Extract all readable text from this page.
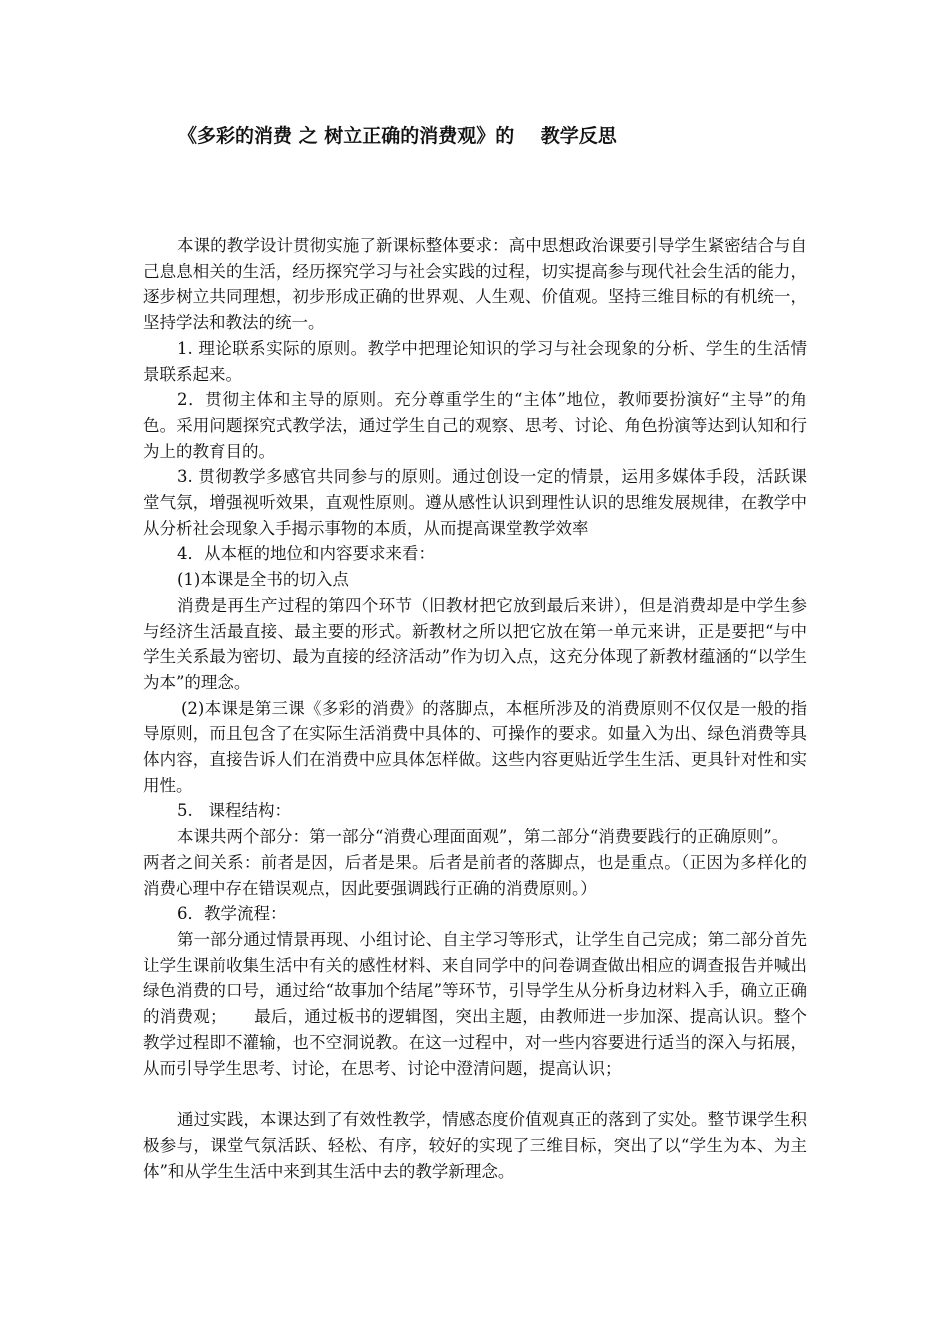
《多彩的消费 之 树立正确的消费观》的    教学反思

本课的教学设计贯彻实施了新课标整体要求：高中思想政治课要引导学生紧密结合与自己息息相关的生活，经历探究学习与社会实践的过程，切实提高参与现代社会生活的能力，逐步树立共同理想，初步形成正确的世界观、人生观、价值观。坚持三维目标的有机统一，坚持学法和教法的统一。

1. 理论联系实际的原则。教学中把理论知识的学习与社会现象的分析、学生的生活情景联系起来。

2．贯彻主体和主导的原则。充分尊重学生的“主体”地位，教师要扮演好“主导”的角色。采用问题探究式教学法，通过学生自己的观察、思考、讨论、角色扮演等达到认知和行为上的教育目的。

3. 贯彻教学多感官共同参与的原则。通过创设一定的情景，运用多媒体手段，活跃课堂气氛，增强视听效果，直观性原则。遵从感性认识到理性认识的思维发展规律，在教学中从分析社会现象入手揭示事物的本质，从而提高课堂教学效率

4．从本框的地位和内容要求来看：

(1)本课是全书的切入点

消费是再生产过程的第四个环节（旧教材把它放到最后来讲），但是消费却是中学生参与经济生活最直接、最主要的形式。新教材之所以把它放在第一单元来讲，正是要把“与中学生关系最为密切、最为直接的经济活动”作为切入点，这充分体现了新教材蕴涵的“以学生为本”的理念。

(2)本课是第三课《多彩的消费》的落脚点，本框所涉及的消费原则不仅仅是一般的指导原则，而且包含了在实际生活消费中具体的、可操作的要求。如量入为出、绿色消费等具体内容，直接告诉人们在消费中应具体怎样做。这些内容更贴近学生生活、更具针对性和实用性。

5.   课程结构：

本课共两个部分：第一部分“消费心理面面观”，第二部分“消费要践行的正确原则”。

两者之间关系：前者是因，后者是果。后者是前者的落脚点，也是重点。（正因为多样化的消费心理中存在错误观点，因此要强调践行正确的消费原则。）

6．教学流程：

第一部分通过情景再现、小组讨论、自主学习等形式，让学生自己完成；第二部分首先让学生课前收集生活中有关的感性材料、来自同学中的问卷调查做出相应的调查报告并喊出绿色消费的口号，通过给“故事加个结尾”等环节，引导学生从分析身边材料入手，确立正确的消费观；     最后，通过板书的逻辑图，突出主题，由教师进一步加深、提高认识。整个教学过程即不灌输，也不空洞说教。在这一过程中，对一些内容要进行适当的深入与拓展，从而引导学生思考、讨论，在思考、讨论中澄清问题，提高认识；

通过实践，本课达到了有效性教学，情感态度价值观真正的落到了实处。整节课学生积极参与，课堂气氛活跃、轻松、有序，较好的实现了三维目标，突出了以“学生为本、为主体”和从学生生活中来到其生活中去的教学新理念。
